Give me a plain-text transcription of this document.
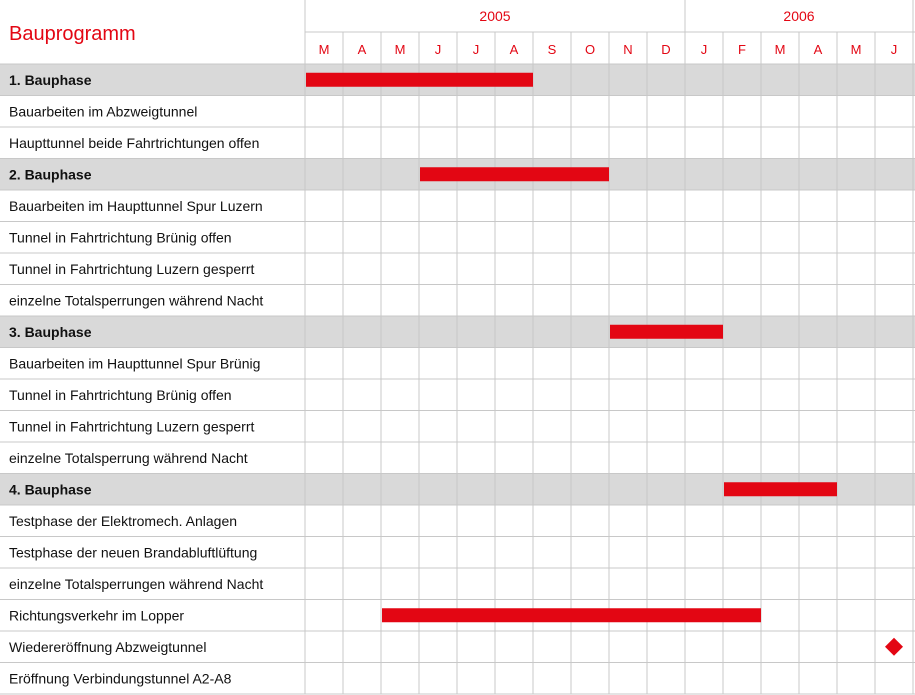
Bauprogramm
2005	2006
M A M J J A S O N D J F M A M J
1. Bauphase
Bauarbeiten im Abzweigtunnel
Haupttunnel beide Fahrtrichtungen offen
2. Bauphase
Bauarbeiten im Haupttunnel Spur Luzern
Tunnel in Fahrtrichtung Brünig offen
Tunnel in Fahrtrichtung Luzern gesperrt
einzelne Totalsperrungen während Nacht
3. Bauphase
Bauarbeiten im Haupttunnel Spur Brünig
Tunnel in Fahrtrichtung Brünig offen
Tunnel in Fahrtrichtung Luzern gesperrt
einzelne Totalsperrung während Nacht
4. Bauphase
Testphase der Elektromech. Anlagen
Testphase der neuen Brandabluftlüftung
einzelne Totalsperrungen während Nacht
Richtungsverkehr im Lopper
Wiedereröffnung Abzweigtunnel
Eröffnung Verbindungstunnel A2-A8
